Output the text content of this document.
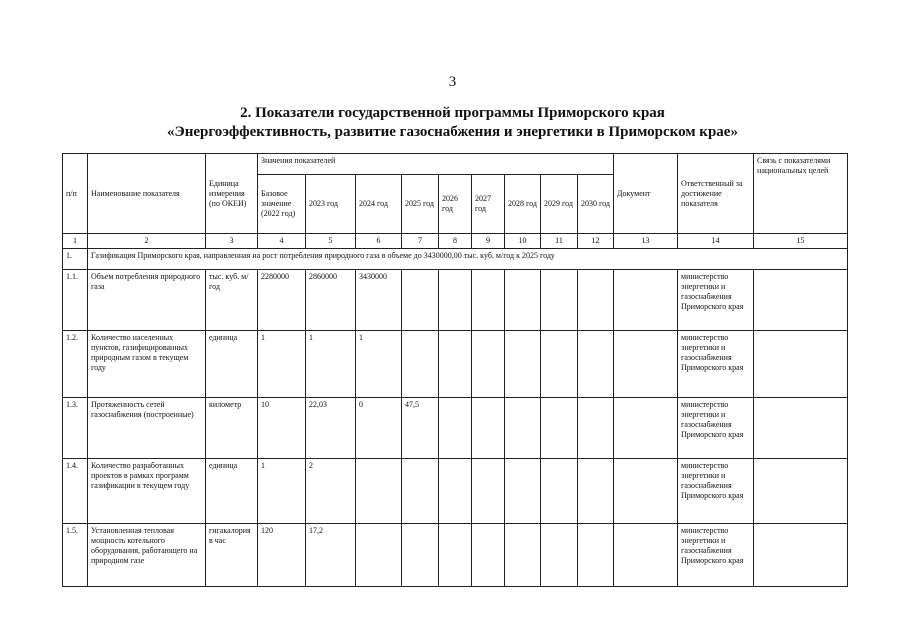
3
2. Показатели государственной программы Приморского края
«Энергоэффективность, развитие газоснабжения и энергетики в Приморском крае»
п/п	Наименование показателя	Единица измерения (по ОКЕИ)	Значения показателей									Документ	Ответственный за достижение показателя	Связь с показателями национальных целей
			Базовое значение (2022 год)	2023 год	2024 год	2025 год	2026 год	2027 год	2028 год	2029 год	2030 год			
1	2	3	4	5	6	7	8	9	10	11	12	13	14	15
1.	Газификация Приморского края, направленная на рост потребления природного газа в объеме до 3430000,00 тыс. куб. м/год к 2025 году													
1.1.	Объем потребления природного газа	тыс. куб. м/год	2280000	2860000	3430000								министерство энергетики и газоснабжения Приморского края	
1.2.	Количество населенных пунктов, газифицированных природным газом в текущем году	единица	1	1	1								министерство энергетики и газоснабжения Приморского края	
1.3.	Протяженность сетей газоснабжения (построенные)	километр	10	22,03	0	47,5							министерство энергетики и газоснабжения Приморского края	
1.4.	Количество разработанных проектов в рамках программ газификации в текущем году	единица	1	2									министерство энергетики и газоснабжения Приморского края	
1.5.	Установленная тепловая мощность котельного оборудования, работающего на природном газе	гигакалория в час	120	17,2									министерство энергетики и газоснабжения Приморского края	
